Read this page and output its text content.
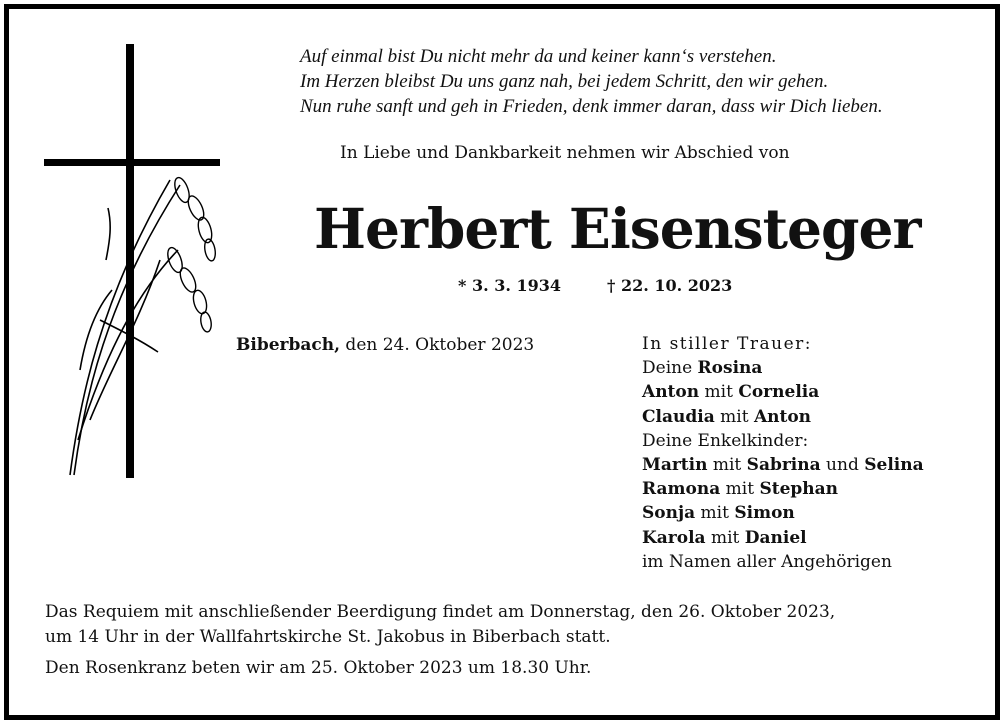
Auf einmal bist Du nicht mehr da und keiner kann‘s verstehen.
Im Herzen bleibst Du uns ganz nah, bei jedem Schritt, den wir gehen.
Nun ruhe sanft und geh in Frieden, denk immer daran, dass wir Dich lieben.
In Liebe und Dankbarkeit nehmen wir Abschied von
Herbert Eisensteger
* 3. 3. 1934	† 22. 10. 2023
Biberbach, den 24. Oktober 2023	In stiller Trauer:
Deine Rosina
Anton mit Cornelia
Claudia mit Anton
Deine Enkelkinder:
Martin mit Sabrina und Selina
Ramona mit Stephan
Sonja mit Simon
Karola mit Daniel
im Namen aller Angehörigen
Das Requiem mit anschließender Beerdigung findet am Donnerstag, den 26. Oktober 2023,
um 14 Uhr in der Wallfahrtskirche St. Jakobus in Biberbach statt.
Den Rosenkranz beten wir am 25. Oktober 2023 um 18.30 Uhr.
